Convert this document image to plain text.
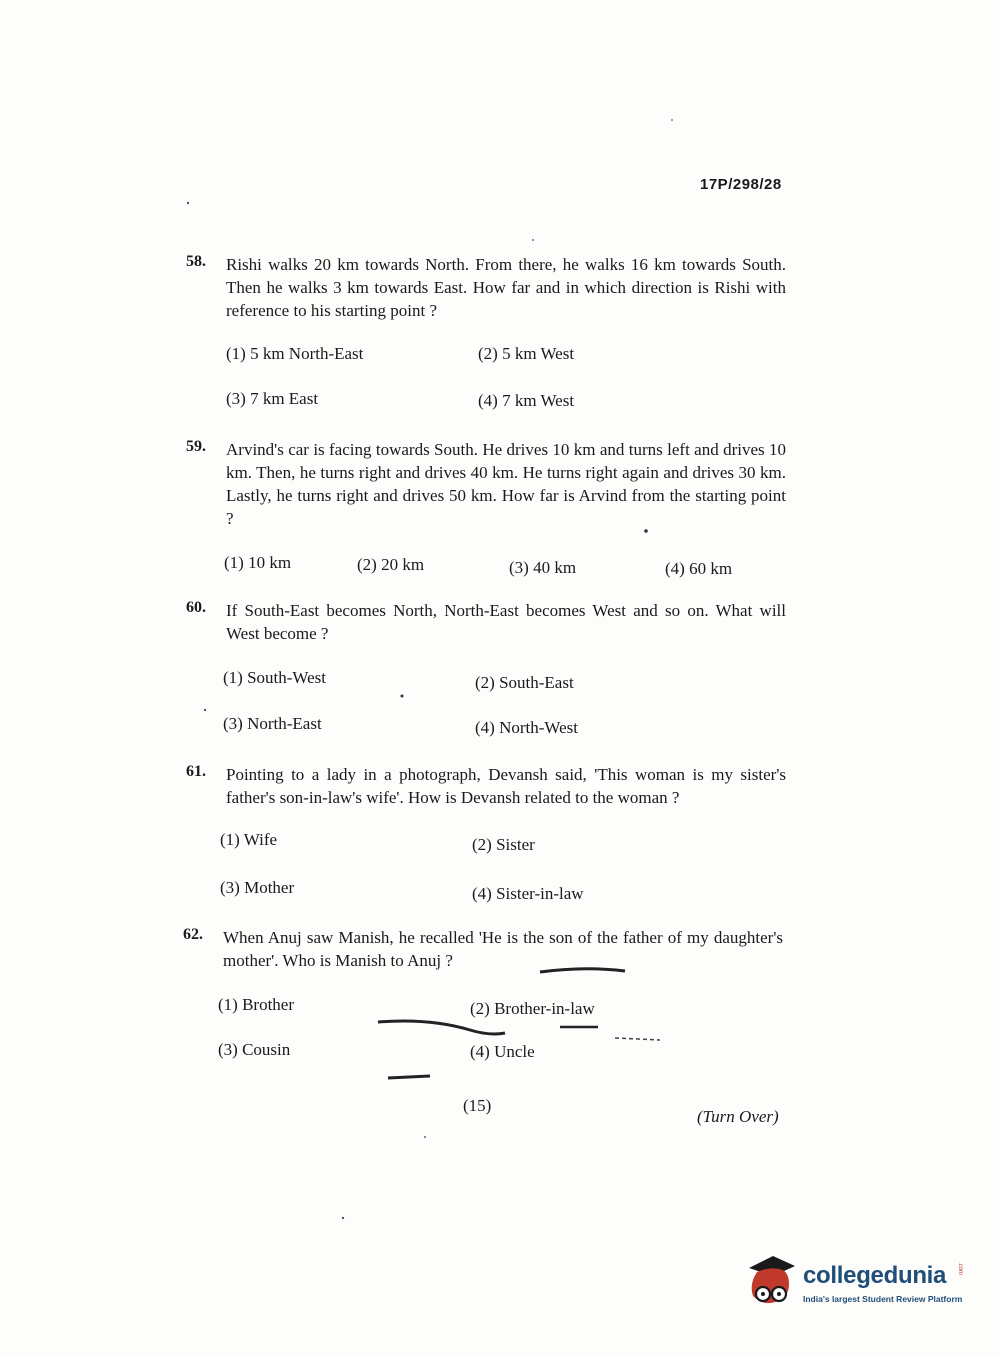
17P/298/28
58. Rishi walks 20 km towards North. From there, he walks 16 km towards South. Then he walks 3 km towards East. How far and in which direction is Rishi with reference to his starting point ?
(1) 5 km North-East	(2) 5 km West
(3) 7 km East	(4) 7 km West
59. Arvind's car is facing towards South. He drives 10 km and turns left and drives 10 km. Then, he turns right and drives 40 km. He turns right again and drives 30 km. Lastly, he turns right and drives 50 km. How far is Arvind from the starting point ?
(1) 10 km	(2) 20 km	(3) 40 km	(4) 60 km
60. If South-East becomes North, North-East becomes West and so on. What will West become ?
(1) South-West	(2) South-East
(3) North-East	(4) North-West
61. Pointing to a lady in a photograph, Devansh said, 'This woman is my sister's father's son-in-law's wife'. How is Devansh related to the woman ?
(1) Wife	(2) Sister
(3) Mother	(4) Sister-in-law
62. When Anuj saw Manish, he recalled 'He is the son of the father of my daughter's mother'. Who is Manish to Anuj ?
(1) Brother	(2) Brother-in-law
(3) Cousin	(4) Uncle
(15)
(Turn Over)
collegedunia .com
India's largest Student Review Platform
